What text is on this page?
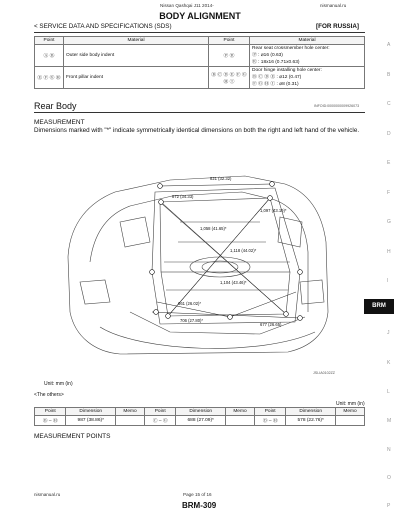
Nissan Qashqai J11 2014-	nismanual.ru
BODY ALIGNMENT
< SERVICE DATA AND SPECIFICATIONS (SDS)	[FOR RUSSIA]
Point	Material	Point	Material
Ⓐ Ⓑ	Outer side body indent	Ⓟ Ⓡ	Rear seat crossmember hole center:
Ⓟ : ⌀16 (0.63)
Ⓡ : 18x16 (0.71x0.63)

Ⓔ Ⓕ Ⓖ Ⓗ	Front pillar indent	Ⓑ Ⓒ Ⓓ Ⓔ Ⓕ Ⓖ Ⓗ Ⓘ	Door hinge installing hole center:
Ⓑ Ⓒ Ⓓ Ⓔ : ⌀12 (0.47)
Ⓕ Ⓖ Ⓗ Ⓘ : ⌀8 (0.31)
Rear Body	INFOID:0000000009926073
MEASUREMENT
Dimensions marked with "*" indicate symmetrically identical dimensions on both the right and left hand of the vehicle.
821 (32.32)
872 (34.33)
1,058 (41.65)*
1,118 (44.02)*
1,104 (43.46)*
1,097 (43.19)*
661 (26.02)*
677 (26.65)
706 (27.80)*
JSLIA0102ZZ
Unit: mm (in)
<The others>
Unit: mm (in)
Point	Dimension	Memo	Point	Dimension	Memo	Point	Dimension	Memo
Ⓑ – Ⓗ	987 (38.86)*		Ⓒ – Ⓖ	688 (27.09)*		Ⓓ – Ⓗ	578 (22.76)*	
MEASUREMENT POINTS
nismanual.ru	Page 15 of 16
BRM-309
BRM
A
B
C
D
E
F
G
H
I
J
K
L
M
N
O
P
